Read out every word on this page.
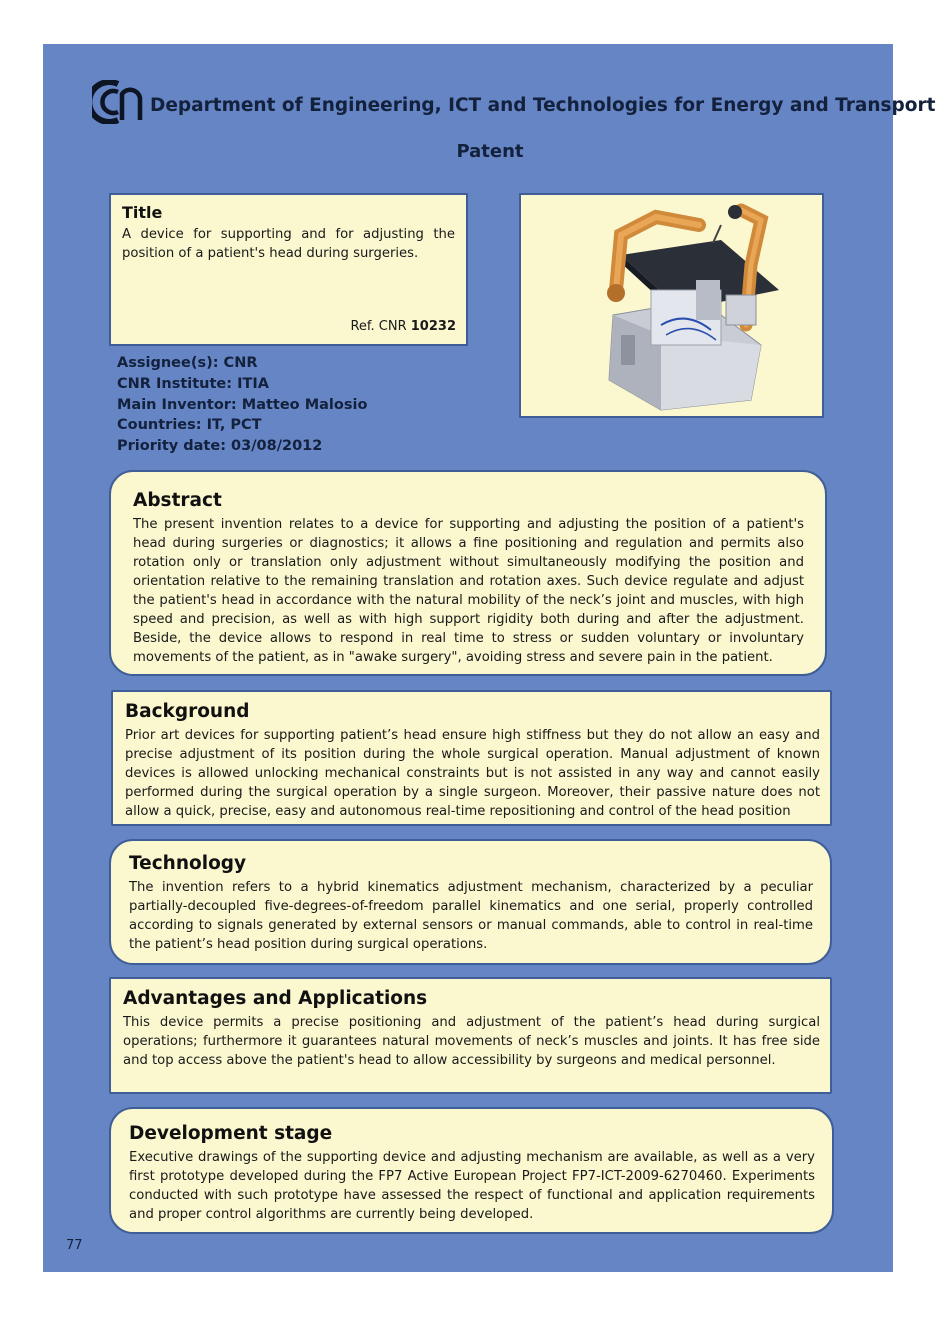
Department of Engineering, ICT and Technologies for Energy and Transport
Patent
Title

A device for supporting and for adjusting the position of a patient's head during surgeries.

Ref. CNR 10232
Assignee(s): CNR
CNR Institute: ITIA
Main Inventor: Matteo Malosio
Countries: IT, PCT
Priority date: 03/08/2012
Abstract

The present invention relates to a device for supporting and adjusting the position of a patient's head during surgeries or diagnostics; it allows a fine positioning and regulation and permits also rotation only or translation only adjustment without simultaneously modifying the position and orientation relative to the remaining translation and rotation axes. Such device regulate and adjust the patient's head in accordance with the natural mobility of the neck’s joint and muscles, with high speed and precision, as well as with high support rigidity both during and after the adjustment. Beside, the device allows to respond in real time to stress or sudden voluntary or involuntary movements of the patient, as in "awake surgery", avoiding stress and severe pain in the patient.

Background

Prior art devices for supporting patient’s head ensure high stiffness but they do not allow an easy and precise adjustment of its position during the whole surgical operation. Manual adjustment of known devices is allowed unlocking mechanical constraints but is not assisted in any way and cannot easily performed during the surgical operation by a single surgeon. Moreover, their passive nature does not allow a quick, precise, easy and autonomous real-time repositioning and control of the head position

Technology

The invention refers to a hybrid kinematics adjustment mechanism, characterized by a peculiar partially-decoupled five-degrees-of-freedom parallel kinematics and one serial, properly controlled according to signals generated by external sensors or manual commands, able to control in real-time the patient’s head position during surgical operations.

Advantages and Applications

This device permits a precise positioning and adjustment of the patient’s head during surgical operations; furthermore it guarantees natural movements of neck’s muscles and joints. It has free side and top access above the patient's head to allow accessibility by surgeons and medical personnel.

Development stage

Executive drawings of the supporting device and adjusting mechanism are available, as well as a very first prototype developed during the FP7 Active European Project FP7-ICT-2009-6270460. Experiments conducted with such prototype have assessed the respect of functional and application requirements and proper control algorithms are currently being developed.

77
